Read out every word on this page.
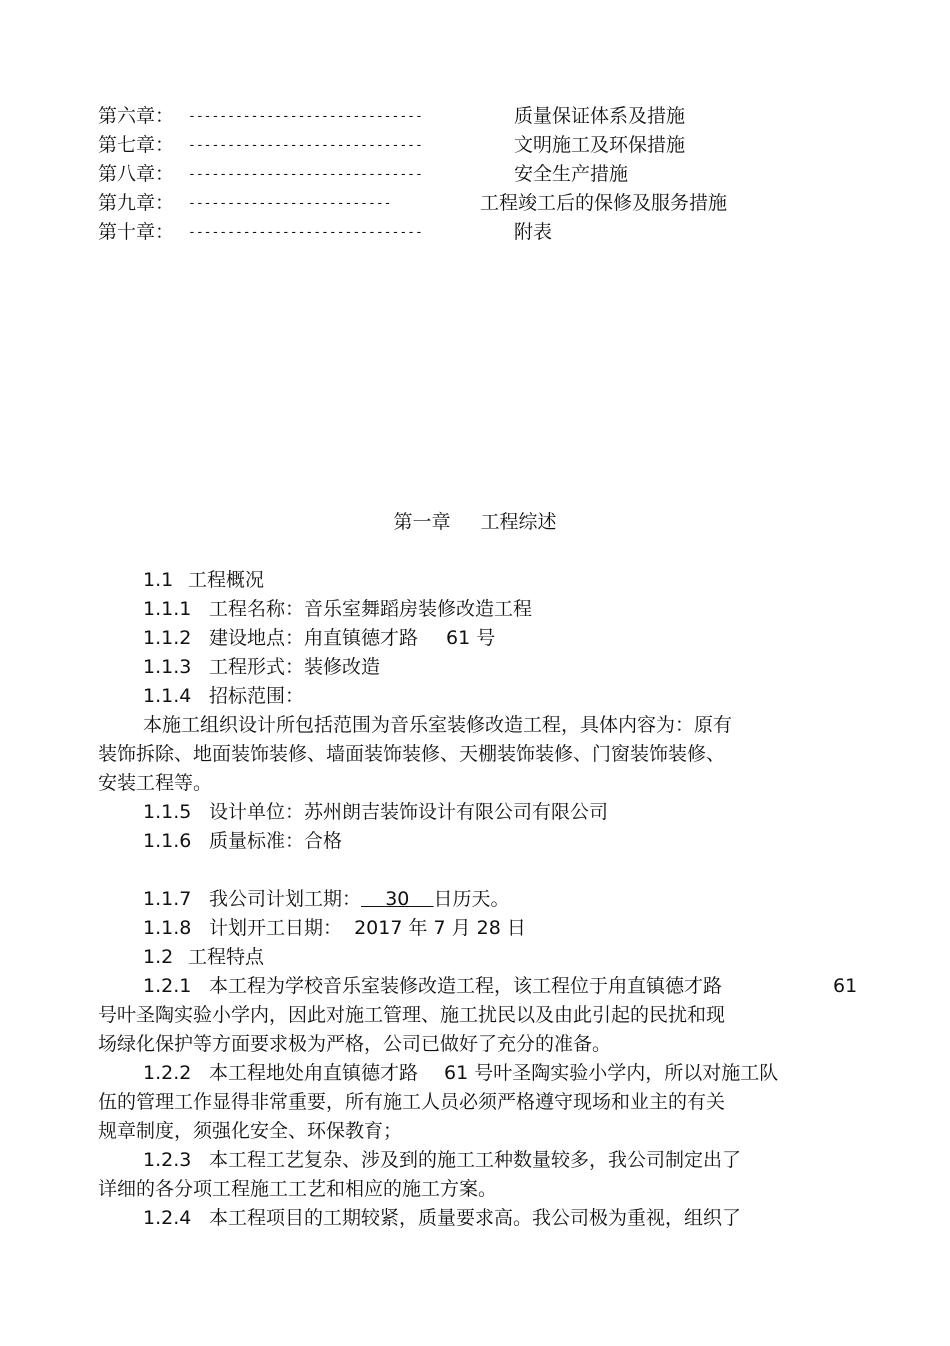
第六章： ------------------------------	质量保证体系及措施
第七章： ------------------------------	文明施工及环保措施
第八章： ------------------------------	安全生产措施
第九章： --------------------------	工程竣工后的保修及服务措施
第十章： ------------------------------	附表
第一章 工程综述
1.1 工程概况
1.1.1 工程名称：音乐室舞蹈房装修改造工程
1.1.2 建设地点：甪直镇德才路 61 号
1.1.3 工程形式：装修改造
1.1.4 招标范围：
本施工组织设计所包括范围为音乐室装修改造工程，具体内容为：原有
装饰拆除、地面装饰装修、墙面装饰装修、天棚装饰装修、门窗装饰装修、
安装工程等。
1.1.5 设计单位：苏州朗吉装饰设计有限公司有限公司
1.1.6 质量标准：合格
1.1.7 我公司计划工期： 30 日历天。
1.1.8 计划开工日期：  2017 年 7 月 28 日
1.2 工程特点
1.2.1 本工程为学校音乐室装修改造工程，该工程位于甪直镇德才路	61
号叶圣陶实验小学内，因此对施工管理、施工扰民以及由此引起的民扰和现
场绿化保护等方面要求极为严格，公司已做好了充分的准备。
1.2.2 本工程地处甪直镇德才路 61 号叶圣陶实验小学内，所以对施工队
伍的管理工作显得非常重要，所有施工人员必须严格遵守现场和业主的有关
规章制度，须强化安全、环保教育；
1.2.3 本工程工艺复杂、涉及到的施工工种数量较多，我公司制定出了
详细的各分项工程施工工艺和相应的施工方案。
1.2.4 本工程项目的工期较紧，质量要求高。我公司极为重视，组织了
